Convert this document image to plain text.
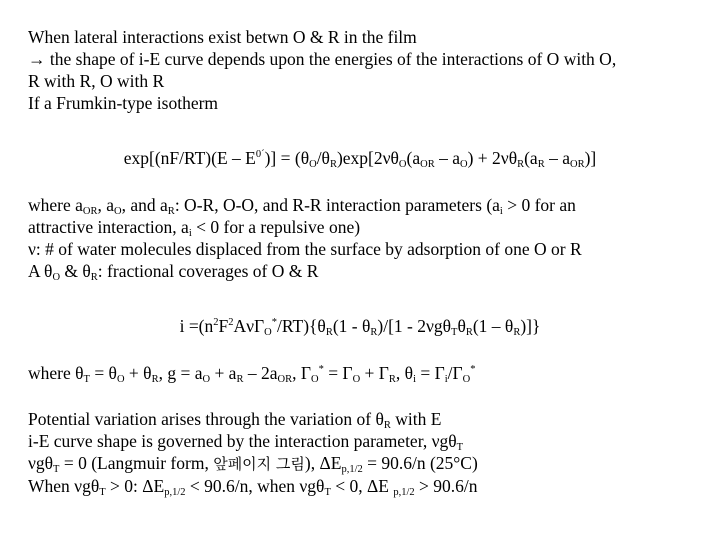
When lateral interactions exist betwn O & R in the film
→ the shape of i-E curve depends upon the energies of the interactions of O with O,
R with R, O with R
If a Frumkin-type isotherm
$\exp[(nF/RT)(E - E^{0´})] = (\theta_O/\theta_R)\exp[2\nu\theta_O(a_{OR} - a_O) + 2\nu\theta_R(a_R - a_{OR})]$
where $a_{OR}$, $a_O$, and $a_R$: O-R, O-O, and R-R interaction parameters ($a_i > 0$ for an
attractive interaction, $a_i < 0$ for a repulsive one)
ν: # of water molecules displaced from the surface by adsorption of one O or R
A $\theta_O$ & $\theta_R$: fractional coverages of O & R
$i =(n^2F^2A\nu\Gamma_O^*/RT)\{\theta_R(1 - \theta_R)/[1 - 2\nu g\theta_T\theta_R(1 - \theta_R)]\}$
where $\theta_T = \theta_O + \theta_R$, $g = a_O + a_R - 2a_{OR}$, $\Gamma_O^* = \Gamma_O + \Gamma_R$, $\theta_i = \Gamma_i/\Gamma_O^*$
Potential variation arises through the variation of $\theta_R$ with E
i-E curve shape is governed by the interaction parameter, νgθ$_T$
νgθ$_T$ = 0 (Langmuir form, 앞페이지 그림), $\Delta E_{p,1/2} = 90.6/n$ (25°C)
When νgθ$_T$ > 0: $\Delta E_{p,1/2} < 90.6/n$, when νgθ$_T$ < 0, ΔE $_{p,1/2}$ > 90.6/n
